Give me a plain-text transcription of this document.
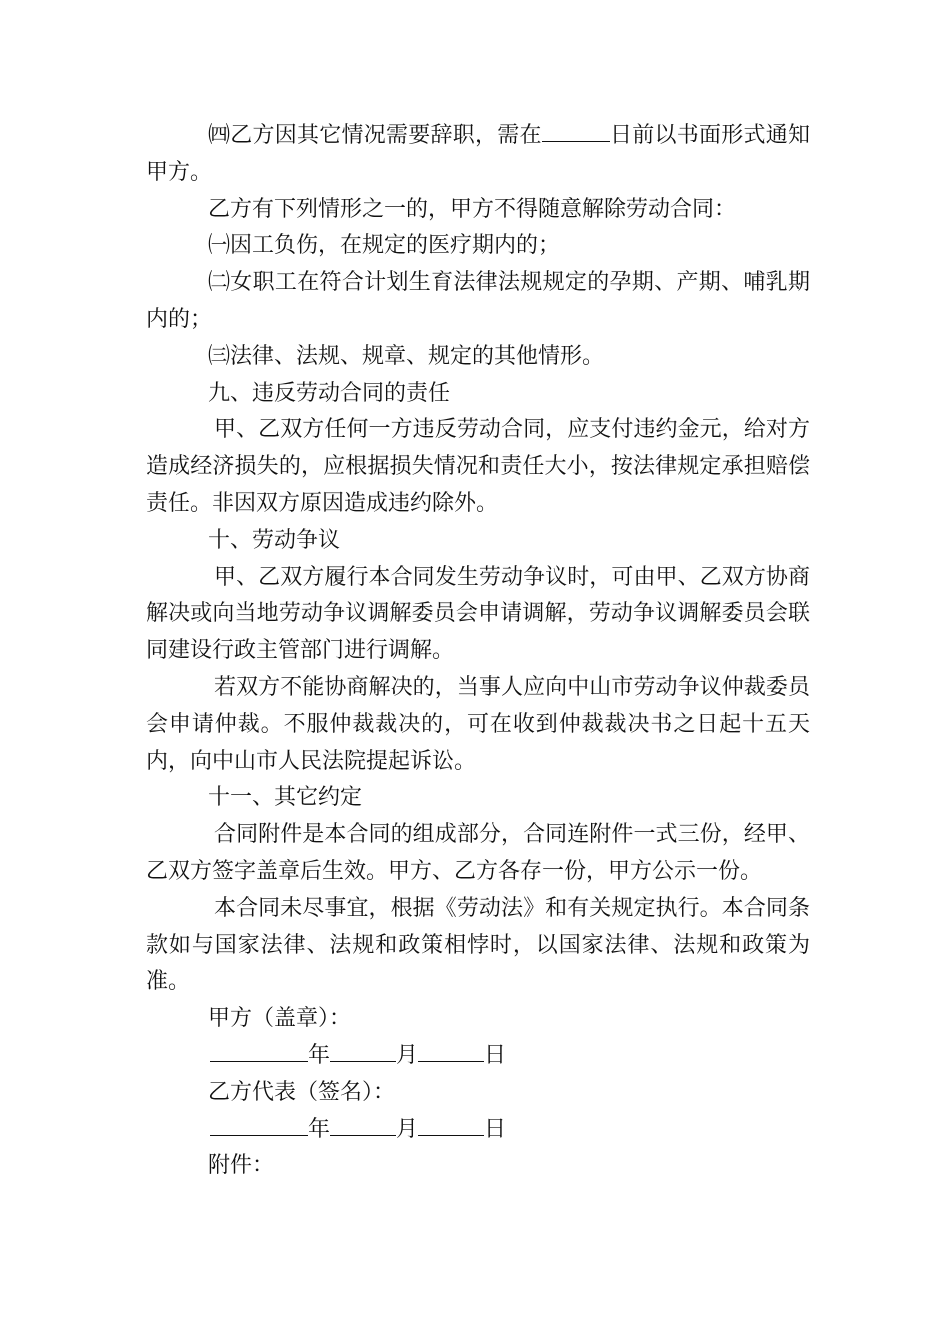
㈣乙方因其它情况需要辞职，需在	日前以书面形式通知甲方。

乙方有下列情形之一的，甲方不得随意解除劳动合同：

㈠因工负伤，在规定的医疗期内的；

㈡女职工在符合计划生育法律法规规定的孕期、产期、哺乳期内的；

㈢法律、法规、规章、规定的其他情形。

九、违反劳动合同的责任

甲、乙双方任何一方违反劳动合同，应支付违约金元，给对方造成经济损失的，应根据损失情况和责任大小，按法律规定承担赔偿责任。非因双方原因造成违约除外。

十、劳动争议

甲、乙双方履行本合同发生劳动争议时，可由甲、乙双方协商解决或向当地劳动争议调解委员会申请调解，劳动争议调解委员会联同建设行政主管部门进行调解。

若双方不能协商解决的，当事人应向中山市劳动争议仲裁委员会申请仲裁。不服仲裁裁决的，可在收到仲裁裁决书之日起十五天内，向中山市人民法院提起诉讼。

十一、其它约定

合同附件是本合同的组成部分，合同连附件一式三份，经甲、乙双方签字盖章后生效。甲方、乙方各存一份，甲方公示一份。

本合同未尽事宜，根据《劳动法》和有关规定执行。本合同条款如与国家法律、法规和政策相悖时，以国家法律、法规和政策为准。

甲方（盖章）：

年	月	日

乙方代表（签名）：

年	月	日

附件：
